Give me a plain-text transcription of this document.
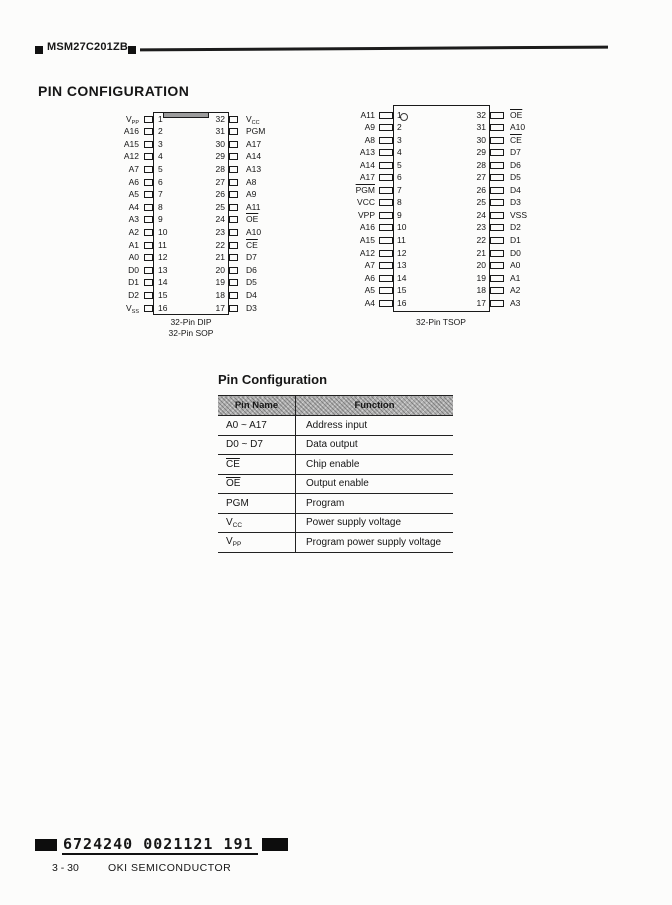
MSM27C201ZB
PIN CONFIGURATION
$V_{PP}$ 1
A16 2
A15 3
A12 4
A7 5
A6 6
A5 7
A4 8
A3 9
A2 10
A1 11
A0 12
D0 13
D1 14
D2 15
$V_{SS}$ 16
32 $V_{CC}$
31 PGM
30 A17
29 A14
28 A13
27 A8
26 A9
25 A11
24 $\overline{OE}$
23 A10
22 $\overline{CE}$
21 D7
20 D6
19 D5
18 D4
17 D3
32-Pin DIP
32-Pin SOP
A11	1
A9	2
A8	3
A13	4
A14	5
A17	6
$\overline{PGM}$	7
VCC	8
VPP	9
A16	10
A15	11
A12	12
A7	13
A6	14
A5	15
A4	16
32	$\overline{OE}$
31	A10
30	$\overline{CE}$
29	D7
28	D6
27	D5
26	D4
25	D3
24	VSS
23	D2
22	D1
21	D0
20	A0
19	A1
18	A2
17	A3
32-Pin TSOP
Pin Configuration
Pin Name	Function
A0 ~ A17	Address input
D0 ~ D7	Data output
$\overline{CE}$	Chip enable
$\overline{OE}$	Output enable
PGM	Program
$V_{CC}$	Power supply voltage
$V_{PP}$	Program power supply voltage
6724240 0021121 191
3 - 30	OKI SEMICONDUCTOR
